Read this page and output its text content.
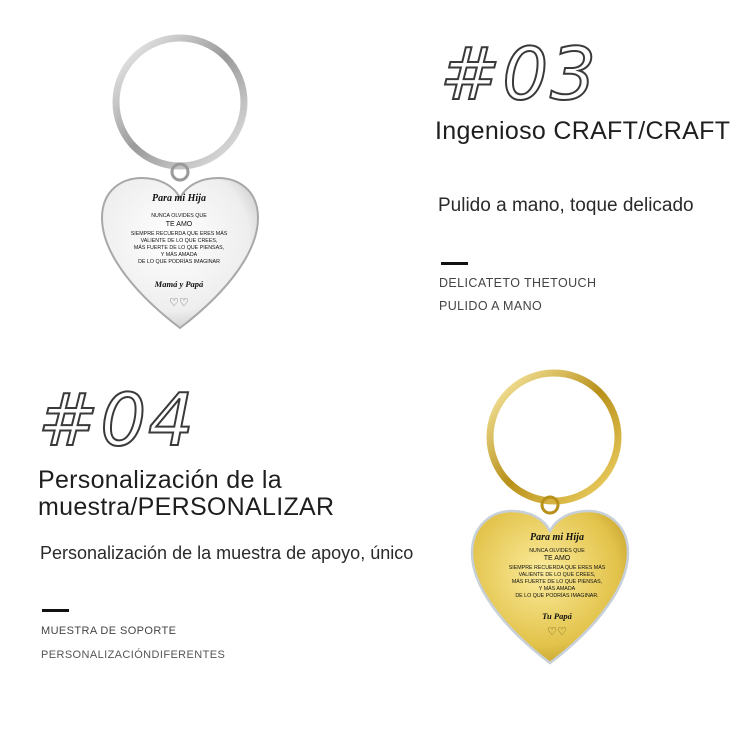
Para mi Hija
NUNCA OLVIDES QUE
TE AMO
SIEMPRE RECUERDA QUE ERES MÁS
VALIENTE DE LO QUE CREES,
MÁS FUERTE DE LO QUE PIENSAS,
Y MÁS AMADA
DE LO QUE PODRÍAS IMAGINAR
Mamá y Papá
♡♡
#03
Ingenioso CRAFT/CRAFT
Pulido a mano, toque delicado
DELICATETO THETOUCH
PULIDO A MANO
#04
Personalización de la muestra/PERSONALIZAR
Personalización de la muestra de apoyo, único
MUESTRA DE SOPORTE
PERSONALIZACIÓNDIFERENTES
Para mi Hija
NUNCA OLVIDES QUE
TE AMO
SIEMPRE RECUERDA QUE ERES MÁS
VALIENTE DE LO QUE CREES,
MÁS FUERTE DE LO QUE PIENSAS,
Y MÁS AMADA
DE LO QUE PODRÍAS IMAGINAR.
Tu Papá
♡♡
